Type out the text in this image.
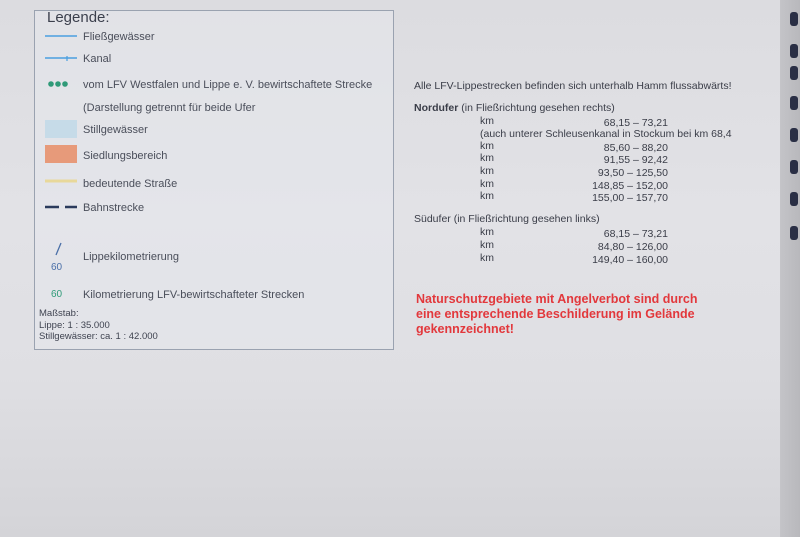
Legende:
Fließgewässer
Kanal
vom LFV Westfalen und Lippe e. V. bewirtschaftete Strecke
(Darstellung getrennt für beide Ufer
Stillgewässer
Siedlungsbereich
bedeutende Straße
Bahnstrecke
60
Lippekilometrierung
60 Kilometrierung LFV-bewirtschafteter Strecken
Maßstab:
Lippe: 1 : 35.000
Stillgewässer: ca. 1 : 42.000
Alle LFV-Lippestrecken befinden sich unterhalb Hamm flussabwärts!
Nordufer (in Fließrichtung gesehen rechts)
km	68,15 – 73,21
(auch unterer Schleusenkanal in Stockum bei km 68,4
km	85,60 – 88,20
km	91,55 – 92,42
km	93,50 – 125,50
km	148,85 – 152,00
km	155,00 – 157,70
Südufer (in Fließrichtung gesehen links)
km	68,15 – 73,21
km	84,80 – 126,00
km	149,40 – 160,00
Naturschutzgebiete mit Angelverbot sind durch
eine entsprechende Beschilderung im Gelände
gekennzeichnet!
